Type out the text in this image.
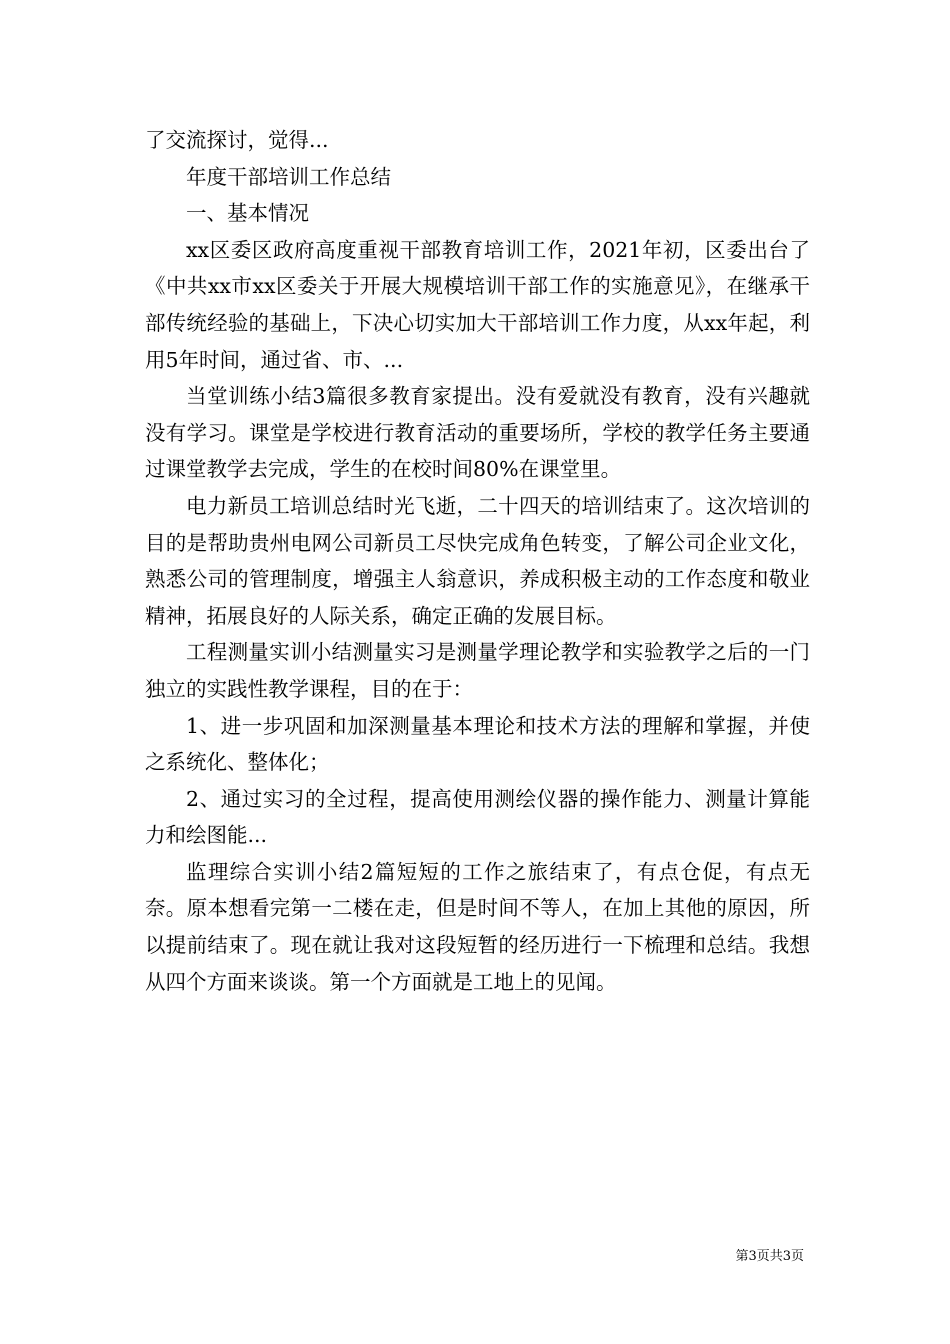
了交流探讨，觉得...

年度干部培训工作总结

一、基本情况

xx区委区政府高度重视干部教育培训工作，2021年初，区委出台了《中共xx市xx区委关于开展大规模培训干部工作的实施意见》，在继承干部传统经验的基础上，下决心切实加大干部培训工作力度，从xx年起，利用5年时间，通过省、市、...

当堂训练小结3篇很多教育家提出。没有爱就没有教育，没有兴趣就没有学习。课堂是学校进行教育活动的重要场所，学校的教学任务主要通过课堂教学去完成，学生的在校时间80%在课堂里。

电力新员工培训总结时光飞逝，二十四天的培训结束了。这次培训的目的是帮助贵州电网公司新员工尽快完成角色转变，了解公司企业文化，熟悉公司的管理制度，增强主人翁意识，养成积极主动的工作态度和敬业精神，拓展良好的人际关系，确定正确的发展目标。

工程测量实训小结测量实习是测量学理论教学和实验教学之后的一门独立的实践性教学课程，目的在于：

1、进一步巩固和加深测量基本理论和技术方法的理解和掌握，并使之系统化、整体化；

2、通过实习的全过程，提高使用测绘仪器的操作能力、测量计算能力和绘图能...

监理综合实训小结2篇短短的工作之旅结束了，有点仓促，有点无奈。原本想看完第一二楼在走，但是时间不等人，在加上其他的原因，所以提前结束了。现在就让我对这段短暂的经历进行一下梳理和总结。我想从四个方面来谈谈。第一个方面就是工地上的见闻。

第3页共3页
